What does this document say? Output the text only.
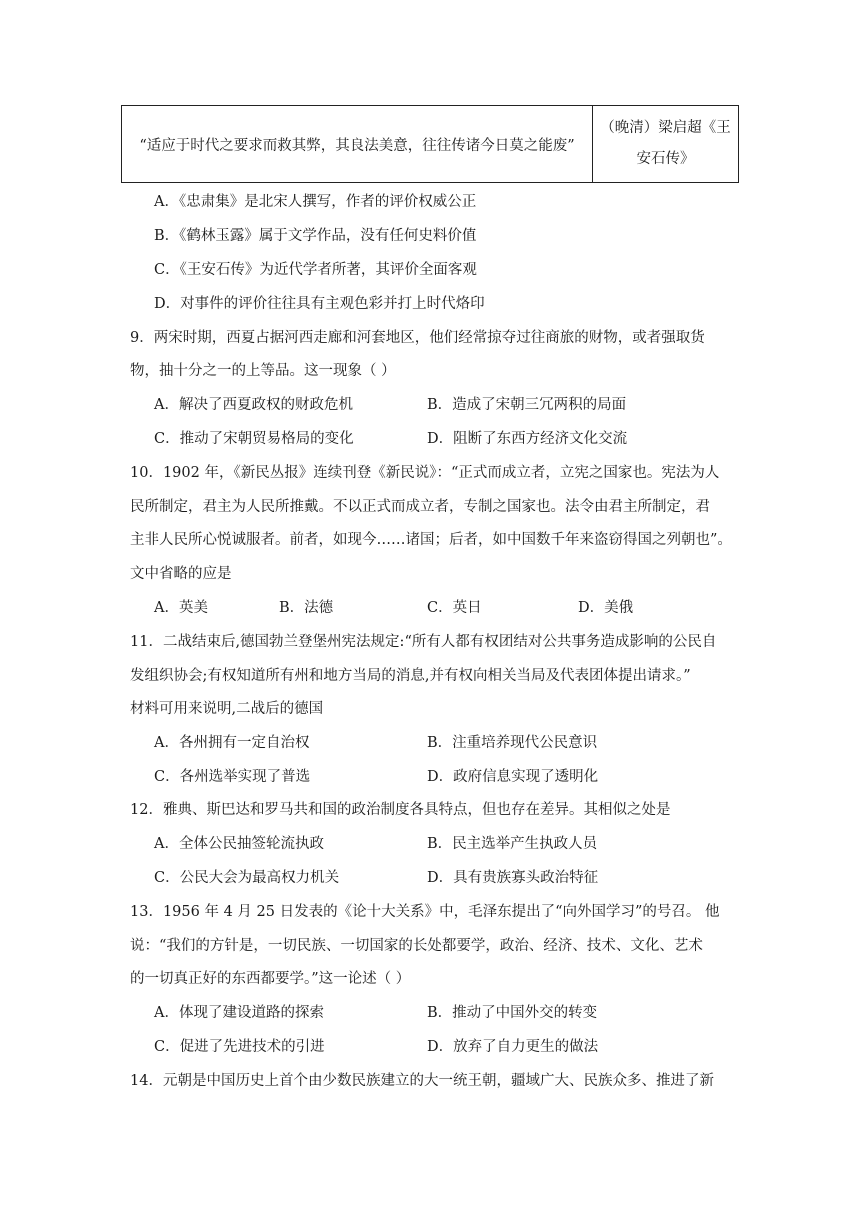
“适应于时代之要求而救其弊，其良法美意，往往传诸今日莫之能废”	（晚清）梁启超《王
安石传》
A．《忠肃集》是北宋人撰写，作者的评价权威公正
B．《鹤林玉露》属于文学作品，没有任何史料价值
C．《王安石传》为近代学者所著，其评价全面客观
D．对事件的评价往往具有主观色彩并打上时代烙印
9．两宋时期，西夏占据河西走廊和河套地区，他们经常掠夺过往商旅的财物，或者强取货
物，抽十分之一的上等品。这一现象（ ）
A．解决了西夏政权的财政危机	B．造成了宋朝三冗两积的局面
C．推动了宋朝贸易格局的变化	D．阻断了东西方经济文化交流
10．1902 年，《新民丛报》连续刊登《新民说》：“正式而成立者，立宪之国家也。宪法为人
民所制定，君主为人民所推戴。不以正式而成立者，专制之国家也。法令由君主所制定，君
主非人民所心悦诚服者。前者，如现今……诸国；后者，如中国数千年来盗窃得国之列朝也”。
文中省略的应是
A．英美	B．法德	C．英日	D．美俄
11．二战结束后,德国勃兰登堡州宪法规定:“所有人都有权团结对公共事务造成影响的公民自
发组织协会;有权知道所有州和地方当局的消息,并有权向相关当局及代表团体提出请求。”
材料可用来说明,二战后的德国
A．各州拥有一定自治权	B．注重培养现代公民意识
C．各州选举实现了普选	D．政府信息实现了透明化
12．雅典、斯巴达和罗马共和国的政治制度各具特点，但也存在差异。其相似之处是
A．全体公民抽签轮流执政	B．民主选举产生执政人员
C．公民大会为最高权力机关	D．具有贵族寡头政治特征
13．1956 年 4 月 25 日发表的《论十大关系》中，毛泽东提出了“向外国学习”的号召。 他
说：“我们的方针是，一切民族、一切国家的长处都要学，政治、经济、技术、文化、艺术
的一切真正好的东西都要学。”这一论述（ ）
A．体现了建设道路的探索	B．推动了中国外交的转变
C．促进了先进技术的引进	D．放弃了自力更生的做法
14．元朝是中国历史上首个由少数民族建立的大一统王朝，疆域广大、民族众多、推进了新
